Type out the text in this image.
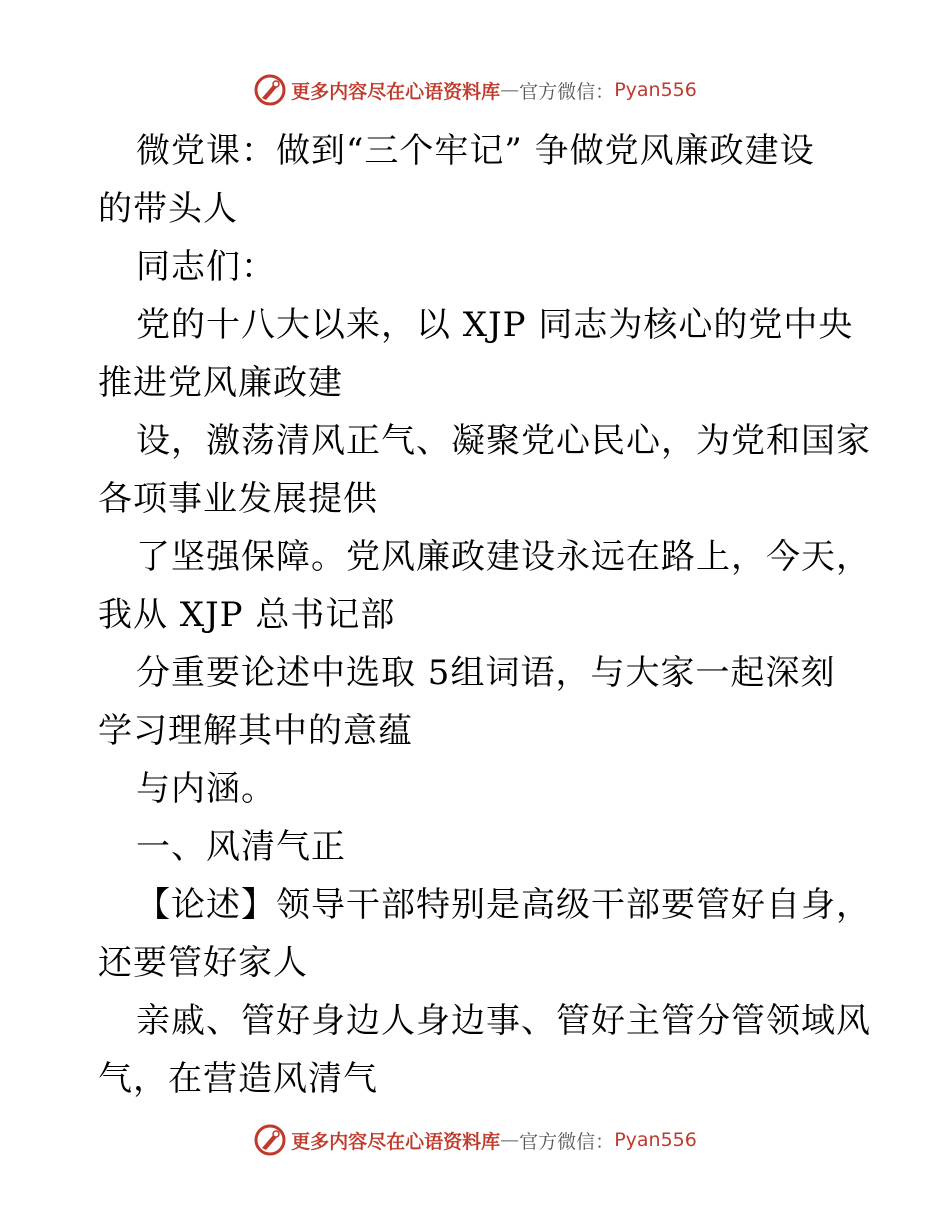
更多内容尽在心语资料库 — 官方微信： Pyan556
微党课：做到“三个牢记” 争做党风廉政建设
的带头人
同志们：
党的十八大以来，以 XJP 同志为核心的党中央
推进党风廉政建
设，激荡清风正气、凝聚党心民心，为党和国家
各项事业发展提供
了坚强保障。党风廉政建设永远在路上，今天，
我从 XJP 总书记部
分重要论述中选取 5组词语，与大家一起深刻
学习理解其中的意蕴
与内涵。
一、风清气正
【论述】领导干部特别是高级干部要管好自身，
还要管好家人
亲戚、管好身边人身边事、管好主管分管领域风
气，在营造风清气
更多内容尽在心语资料库 — 官方微信： Pyan556
